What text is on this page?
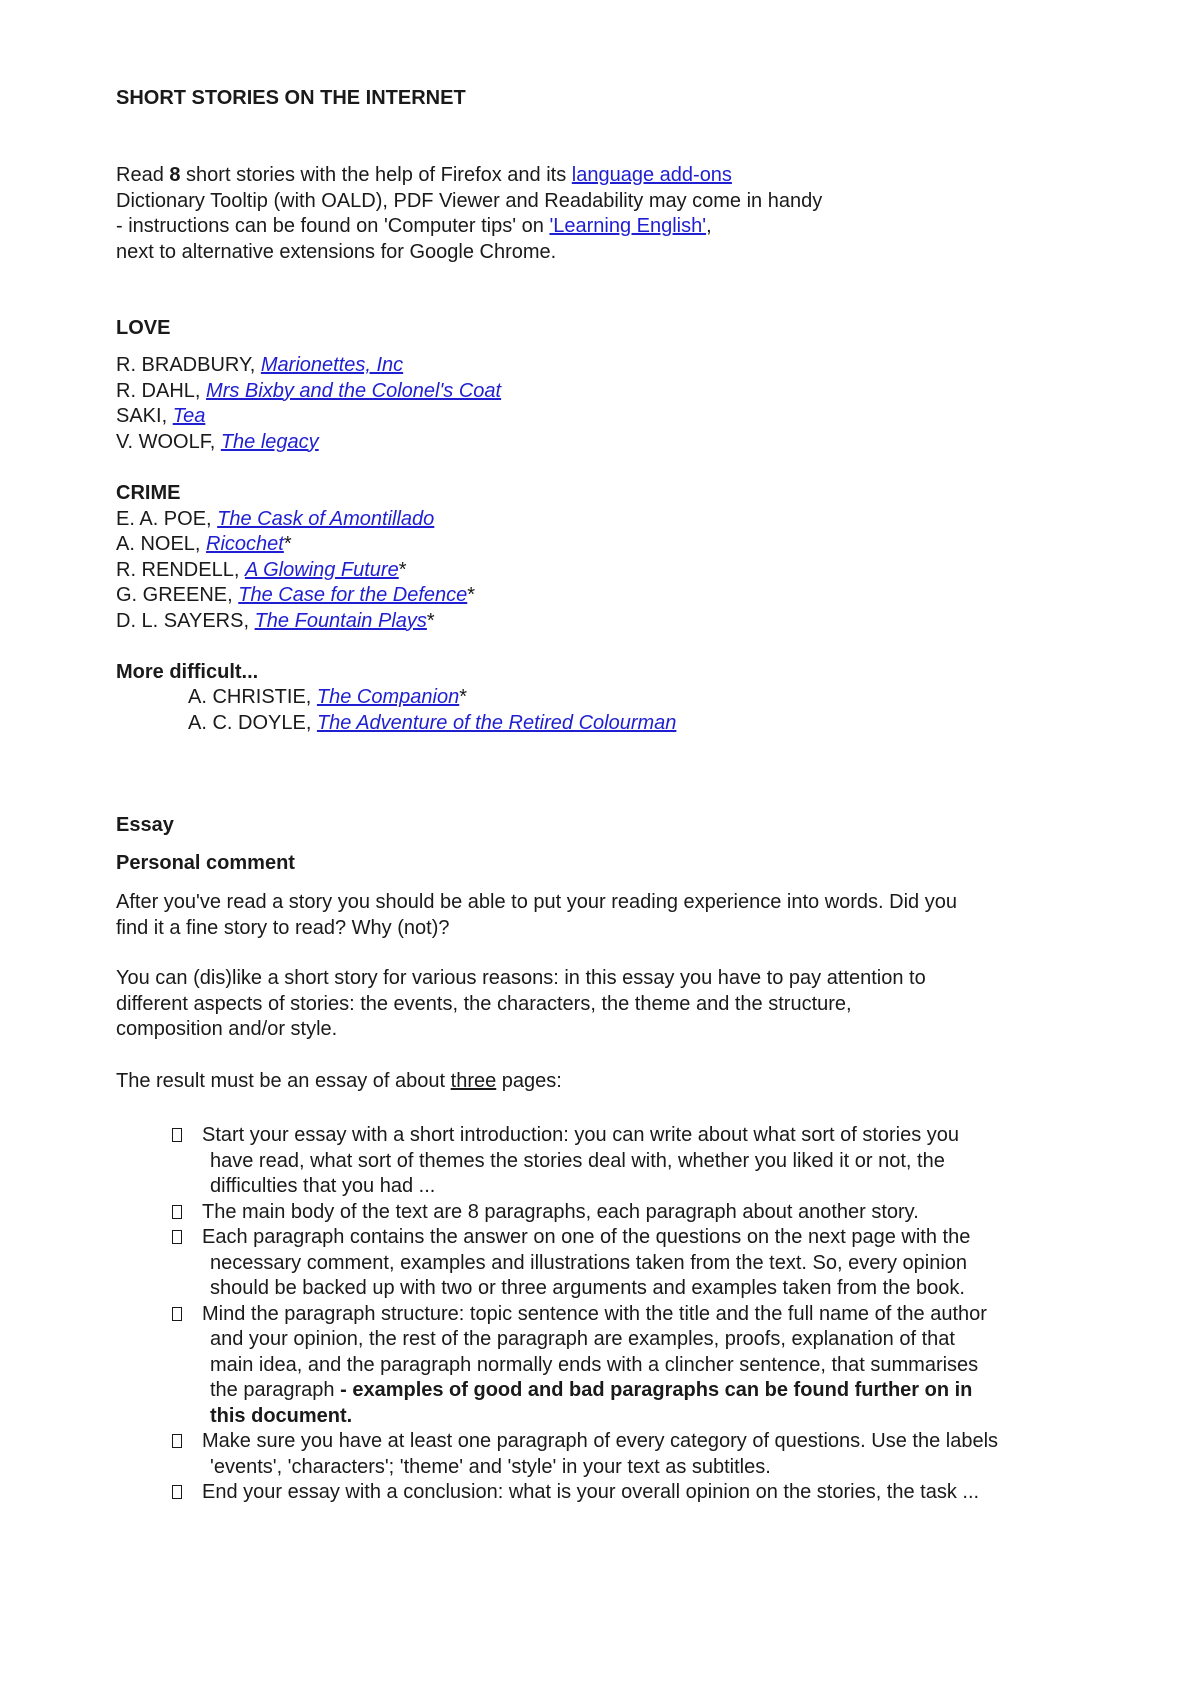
SHORT STORIES ON THE INTERNET
Read 8 short stories with the help of Firefox and its language add-ons
Dictionary Tooltip (with OALD), PDF Viewer and Readability may come in handy
- instructions can be found on 'Computer tips' on 'Learning English',
next to alternative extensions for Google Chrome.
LOVE
R. BRADBURY, Marionettes, Inc
R. DAHL, Mrs Bixby and the Colonel's Coat
SAKI, Tea
V. WOOLF, The legacy
CRIME
E. A. POE, The Cask of Amontillado
A. NOEL, Ricochet*
R. RENDELL, A Glowing Future*
G. GREENE, The Case for the Defence*
D. L. SAYERS, The Fountain Plays*
More difficult...
A. CHRISTIE, The Companion*
A. C. DOYLE, The Adventure of the Retired Colourman
Essay
Personal comment
After you've read a story you should be able to put your reading experience into words. Did you
find it a fine story to read? Why (not)?
You can (dis)like a short story for various reasons: in this essay you have to pay attention to
different aspects of stories: the events, the characters, the theme and the structure,
composition and/or style.
The result must be an essay of about three pages:
Start your essay with a short introduction: you can write about what sort of stories you
have read, what sort of themes the stories deal with, whether you liked it or not, the
difficulties that you had ...
The main body of the text are 8 paragraphs, each paragraph about another story.
Each paragraph contains the answer on one of the questions on the next page with the
necessary comment, examples and illustrations taken from the text. So, every opinion
should be backed up with two or three arguments and examples taken from the book.
Mind the paragraph structure: topic sentence with the title and the full name of the author
and your opinion, the rest of the paragraph are examples, proofs, explanation of that
main idea, and the paragraph normally ends with a clincher sentence, that summarises
the paragraph - examples of good and bad paragraphs can be found further on in
this document.
Make sure you have at least one paragraph of every category of questions. Use the labels
'events', 'characters'; 'theme' and 'style' in your text as subtitles.
End your essay with a conclusion: what is your overall opinion on the stories, the task ...
